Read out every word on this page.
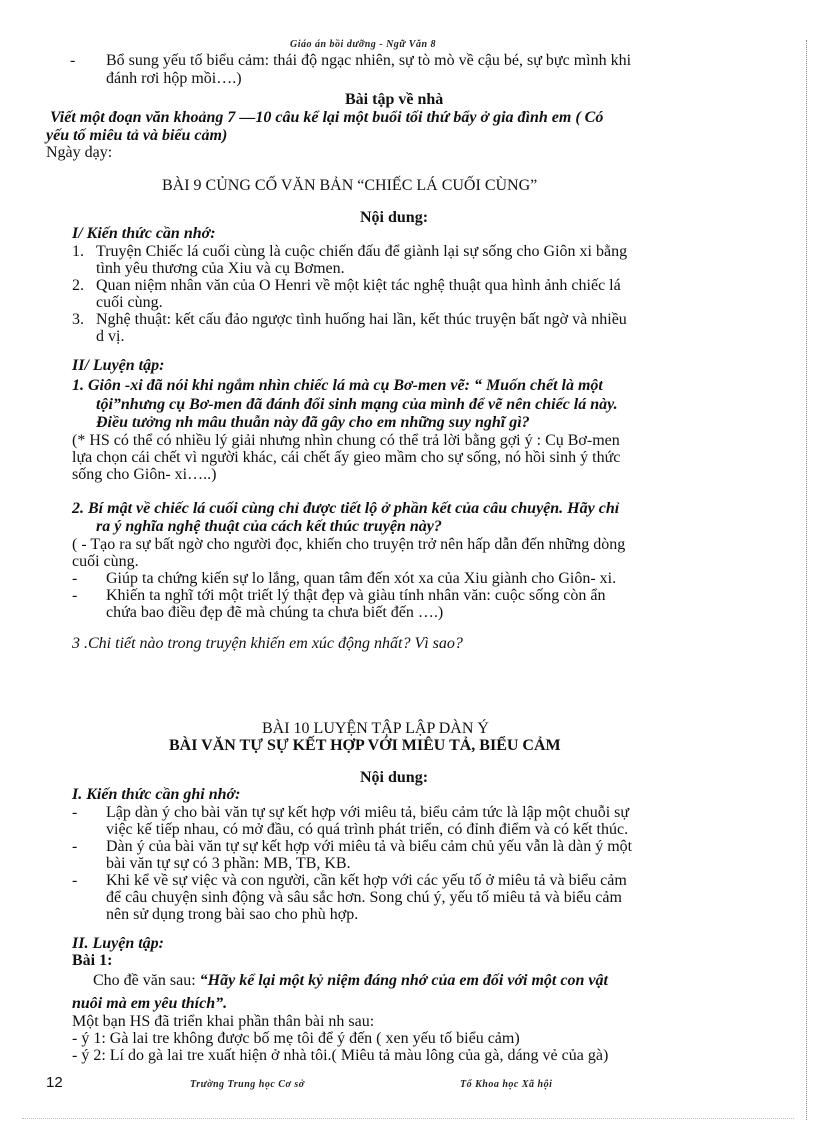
Giáo án bồi dưỡng - Ngữ Văn 8
- Bổ sung yếu tố biểu cảm: thái độ ngạc nhiên, sự tò mò về cậu bé, sự bực mình khi
đánh rơi hộp mồi….)
Bài tập về nhà
Viết một đoạn văn khoảng 7 —10 câu kể lại một buổi tối thứ bẩy ở gia đình em ( Có
yếu tố miêu tả và biểu cảm)
Ngày dạy:
BÀI 9 CỦNG CỐ VĂN BẢN “CHIẾC LÁ CUỐI CÙNG”
Nội dung:
I/ Kiến thức cần nhớ:
1. Truyện Chiếc lá cuối cùng là cuộc chiến đấu để giành lại sự sống cho Giôn xi bằng
tình yêu thương của Xiu và cụ Bơmen.
2. Quan niệm nhân văn của O Henri về một kiệt tác nghệ thuật qua hình ảnh chiếc lá
cuối cùng.
3. Nghệ thuật: kết cấu đảo ngược tình huống hai lần, kết thúc truyện bất ngờ và nhiều
d vị.
II/ Luyện tập:
1. Giôn -xi đã nói khi ngắm nhìn chiếc lá mà cụ Bơ-men vẽ: “ Muốn chết là một
tội”nhưng cụ Bơ-men đã đánh đổi sinh mạng của mình để vẽ nên chiếc lá này.
Điều tưởng nh mâu thuẫn này đã gây cho em những suy nghĩ gì?
(* HS có thể có nhiều lý giải nhưng nhìn chung có thể trả lời bằng gợi ý : Cụ Bơ-men
lựa chọn cái chết vì người khác, cái chết ấy gieo mầm cho sự sống, nó hồi sinh ý thức
sống cho Giôn- xi…..)
2. Bí mật về chiếc lá cuối cùng chỉ được tiết lộ ở phần kết của câu chuyện. Hãy chỉ
ra ý nghĩa nghệ thuật của cách kết thúc truyện này?
( - Tạo ra sự bất ngờ cho người đọc, khiến cho truyện trở nên hấp dẫn đến những dòng
cuối cùng.
- Giúp ta chứng kiến sự lo lắng, quan tâm đến xót xa của Xiu giành cho Giôn- xi.
- Khiến ta nghĩ tới một triết lý thật đẹp và giàu tính nhân văn: cuộc sống còn ẩn
chứa bao điều đẹp đẽ mà chúng ta chưa biết đến ….)
3 .Chi tiết nào trong truyện khiến em xúc động nhất? Vì sao?
BÀI 10 LUYỆN TẬP LẬP DÀN Ý
BÀI VĂN TỰ SỰ KẾT HỢP VỚI MIÊU TẢ, BIỂU CẢM
Nội dung:
I. Kiến thức cần ghi nhớ:
- Lập dàn ý cho bài văn tự sự kết hợp với miêu tả, biểu cảm tức là lập một chuỗi sự
việc kế tiếp nhau, có mở đầu, có quá trình phát triển, có đỉnh điểm và có kết thúc.
- Dàn ý của bài văn tự sự kết hợp với miêu tả và biểu cảm chủ yếu vẫn là dàn ý một
bài văn tự sự có 3 phần: MB, TB, KB.
- Khi kể về sự việc và con người, cần kết hợp với các yếu tố ở miêu tả và biểu cảm
để câu chuyện sinh động và sâu sắc hơn. Song chú ý, yếu tố miêu tả và biểu cảm
nên sử dụng trong bài sao cho phù hợp.
II. Luyện tập:
Bài 1:
Cho đề văn sau: “Hãy kể lại một kỷ niệm đáng nhớ của em đối với một con vật
nuôi mà em yêu thích”.
Một bạn HS đã triển khai phần thân bài nh sau:
- ý 1: Gà lai tre không được bố mẹ tôi để ý đến ( xen yếu tố biểu cảm)
- ý 2: Lí do gà lai tre xuất hiện ở nhà tôi.( Miêu tả màu lông của gà, dáng vẻ của gà)
12	Trường Trung học Cơ sở	Tổ Khoa học Xã hội
